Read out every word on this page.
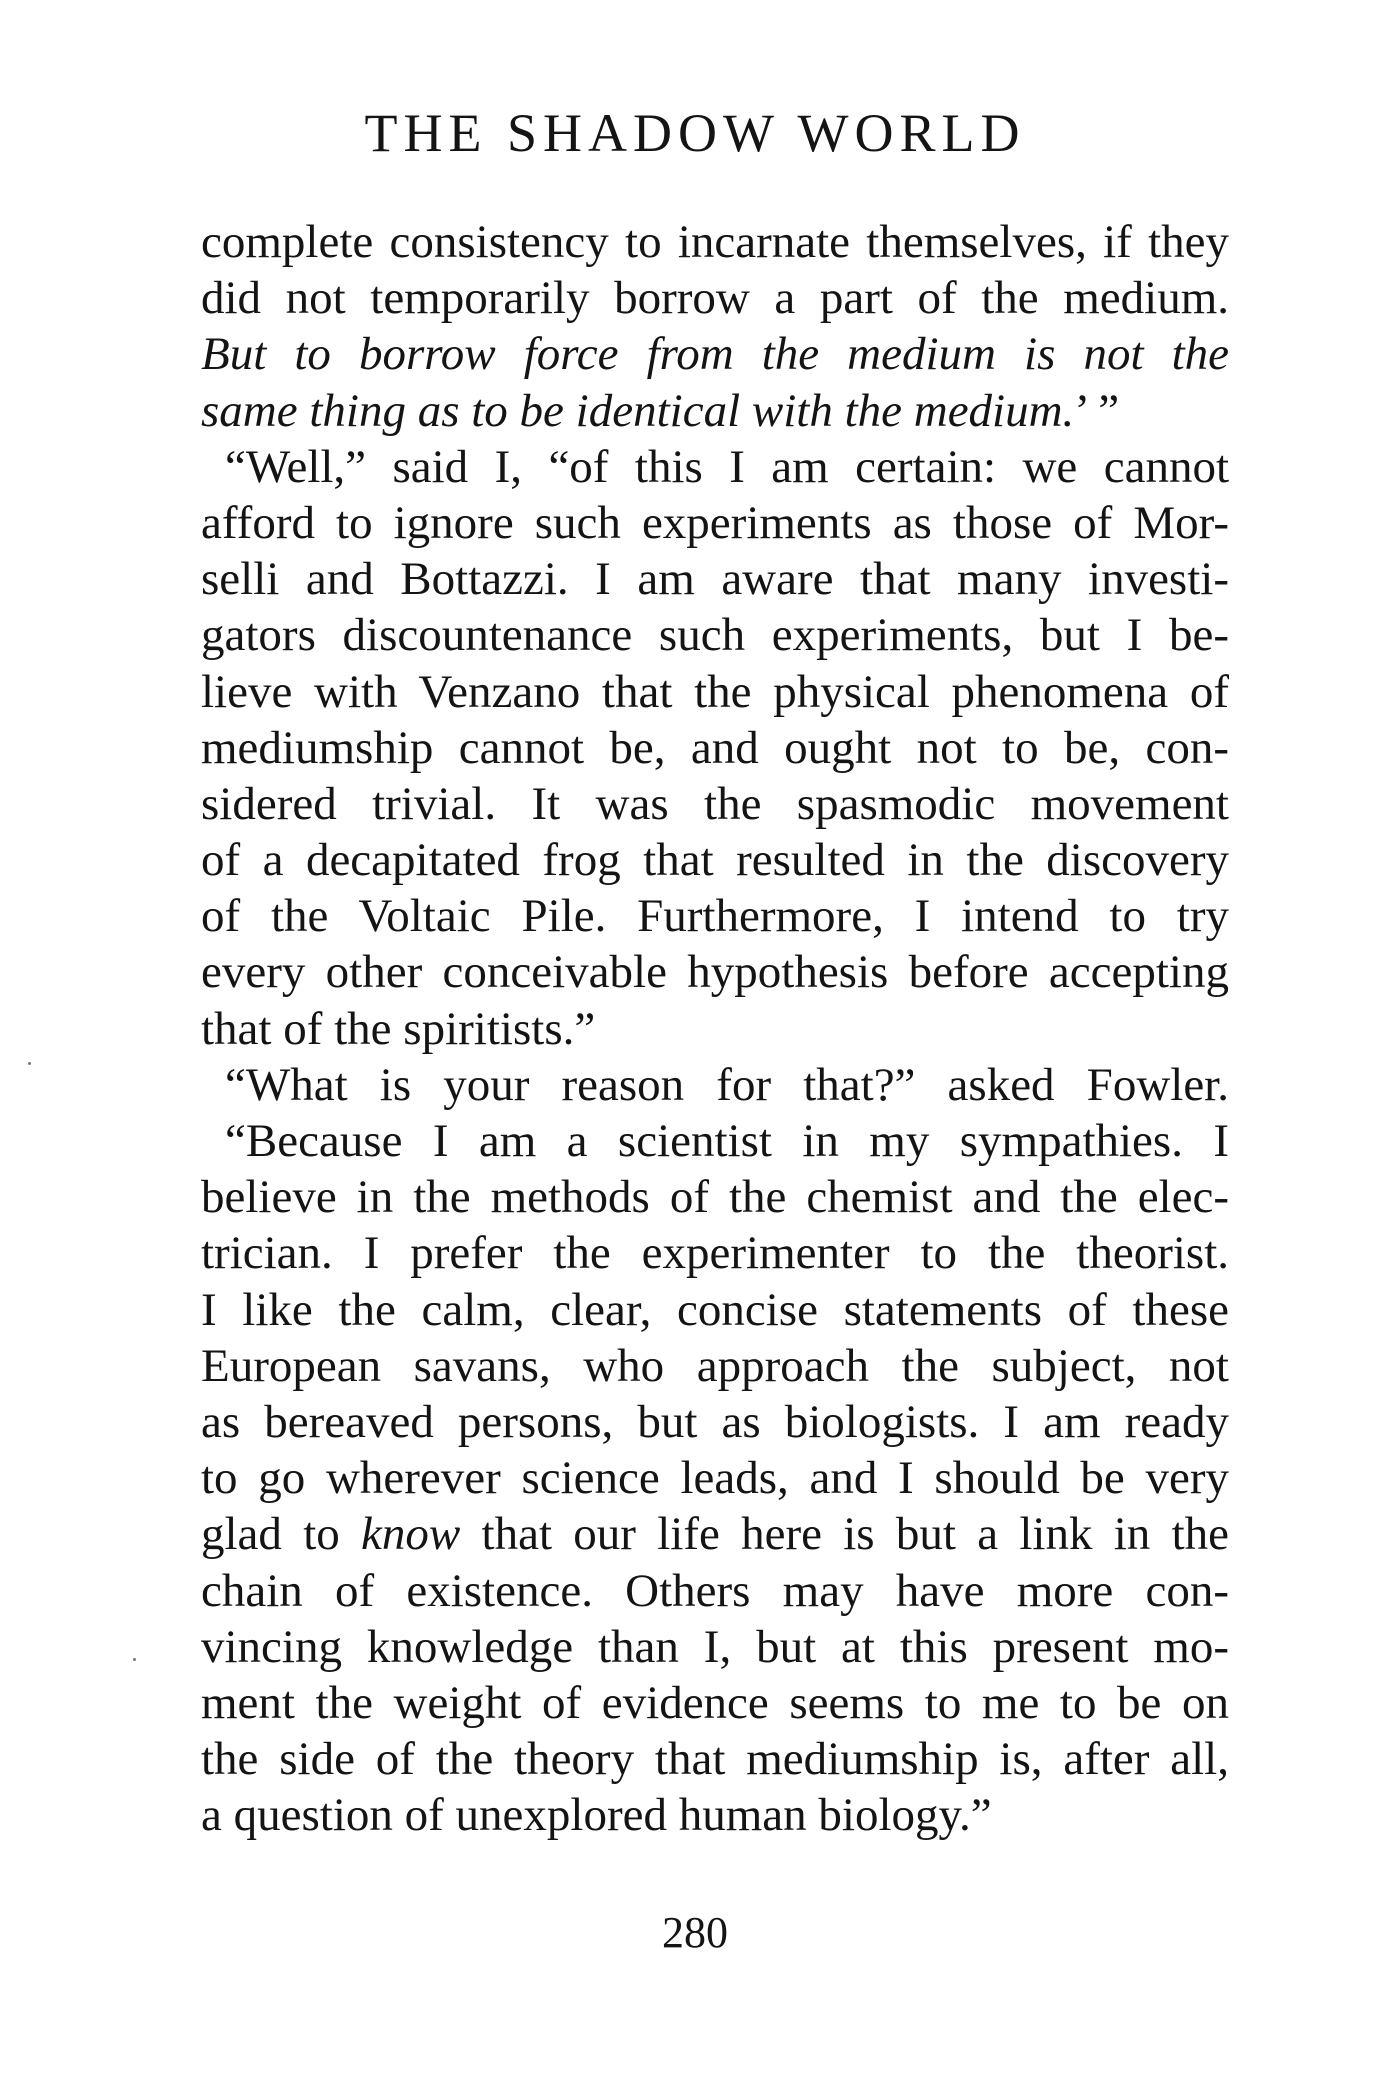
THE SHADOW WORLD
complete consistency to incarnate themselves, if they
did not temporarily borrow a part of the medium.
But to borrow force from the medium is not the
same thing as to be identical with the medium.’ ”
“Well,” said I, “of this I am certain: we cannot
afford to ignore such experiments as those of Mor-
selli and Bottazzi. I am aware that many investi-
gators discountenance such experiments, but I be-
lieve with Venzano that the physical phenomena of
mediumship cannot be, and ought not to be, con-
sidered trivial. It was the spasmodic movement
of a decapitated frog that resulted in the discovery
of the Voltaic Pile. Furthermore, I intend to try
every other conceivable hypothesis before accepting
that of the spiritists.”
“What is your reason for that?” asked Fowler.
“Because I am a scientist in my sympathies. I
believe in the methods of the chemist and the elec-
trician. I prefer the experimenter to the theorist.
I like the calm, clear, concise statements of these
European savans, who approach the subject, not
as bereaved persons, but as biologists. I am ready
to go wherever science leads, and I should be very
glad to know that our life here is but a link in the
chain of existence. Others may have more con-
vincing knowledge than I, but at this present mo-
ment the weight of evidence seems to me to be on
the side of the theory that mediumship is, after all,
a question of unexplored human biology.”
280
